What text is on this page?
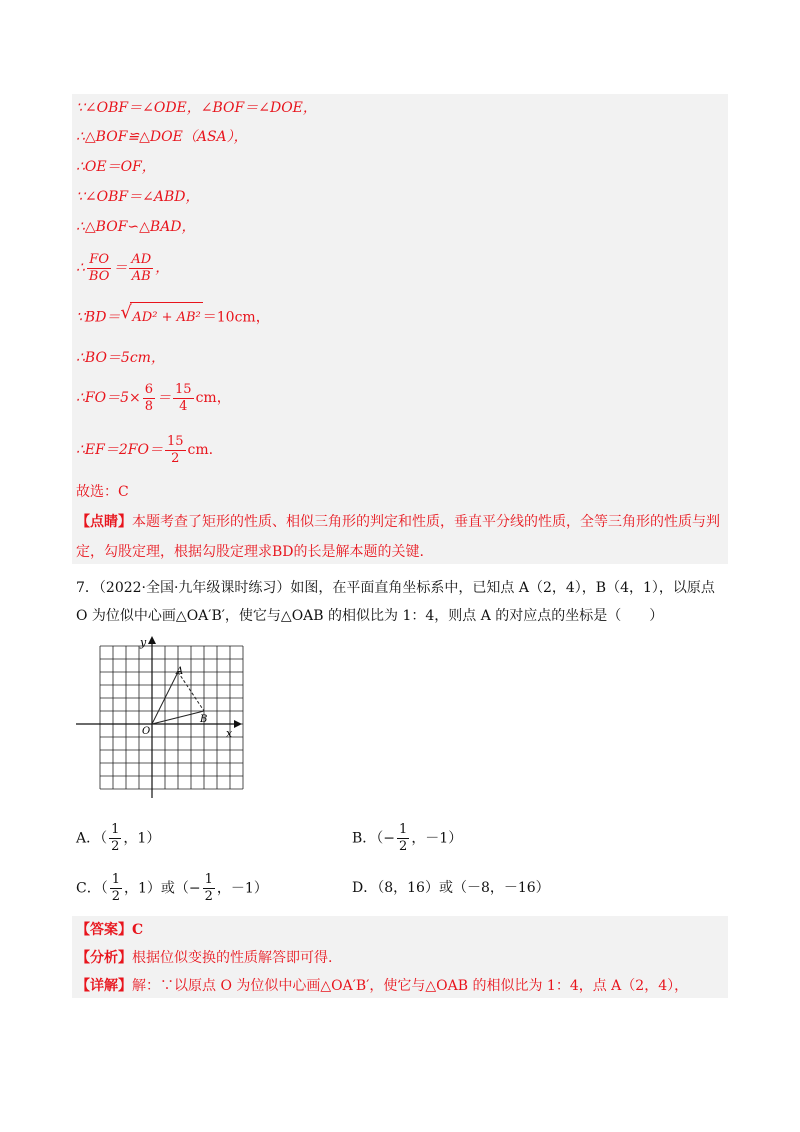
∵∠OBF＝∠ODE，∠BOF＝∠DOE，
∴△BOF≌△DOE（ASA），
∴OE＝OF，
∵∠OBF＝∠ABD，
∴△BOF∽△BAD，
∴ $\frac{FO}{BO} = \frac{AD}{AB}$ ，
∵BD＝ √ AD² + AB² ＝10cm，
∴BO＝5cm，
∴FO＝5× $\frac{6}{8} = \frac{15}{4}$ cm，
∴EF＝2FO＝ $\frac{15}{2}$ cm.
故选：C
【点睛】本题考查了矩形的性质、相似三角形的判定和性质，垂直平分线的性质，全等三角形的性质与判
定，勾股定理，根据勾股定理求BD的长是解本题的关键.
7．（2022·全国·九年级课时练习）如图，在平面直角坐标系中，已知点 A（2，4），B（4，1），以原点
O 为位似中心画△OA′B′，使它与△OAB 的相似比为 1：4，则点 A 的对应点的坐标是（　　）
y
x
O
A
B
A．（ $\frac{1}{2}$ ，1）	B．（− $\frac{1}{2}$ ，－1）
C．（ $\frac{1}{2}$ ，1）或（− $\frac{1}{2}$ ，－1）	D．（8，16）或（－8，－16）
【答案】C
【分析】根据位似变换的性质解答即可得.
【详解】解：∵以原点 O 为位似中心画△OA′B′，使它与△OAB 的相似比为 1：4，点 A（2，4），
